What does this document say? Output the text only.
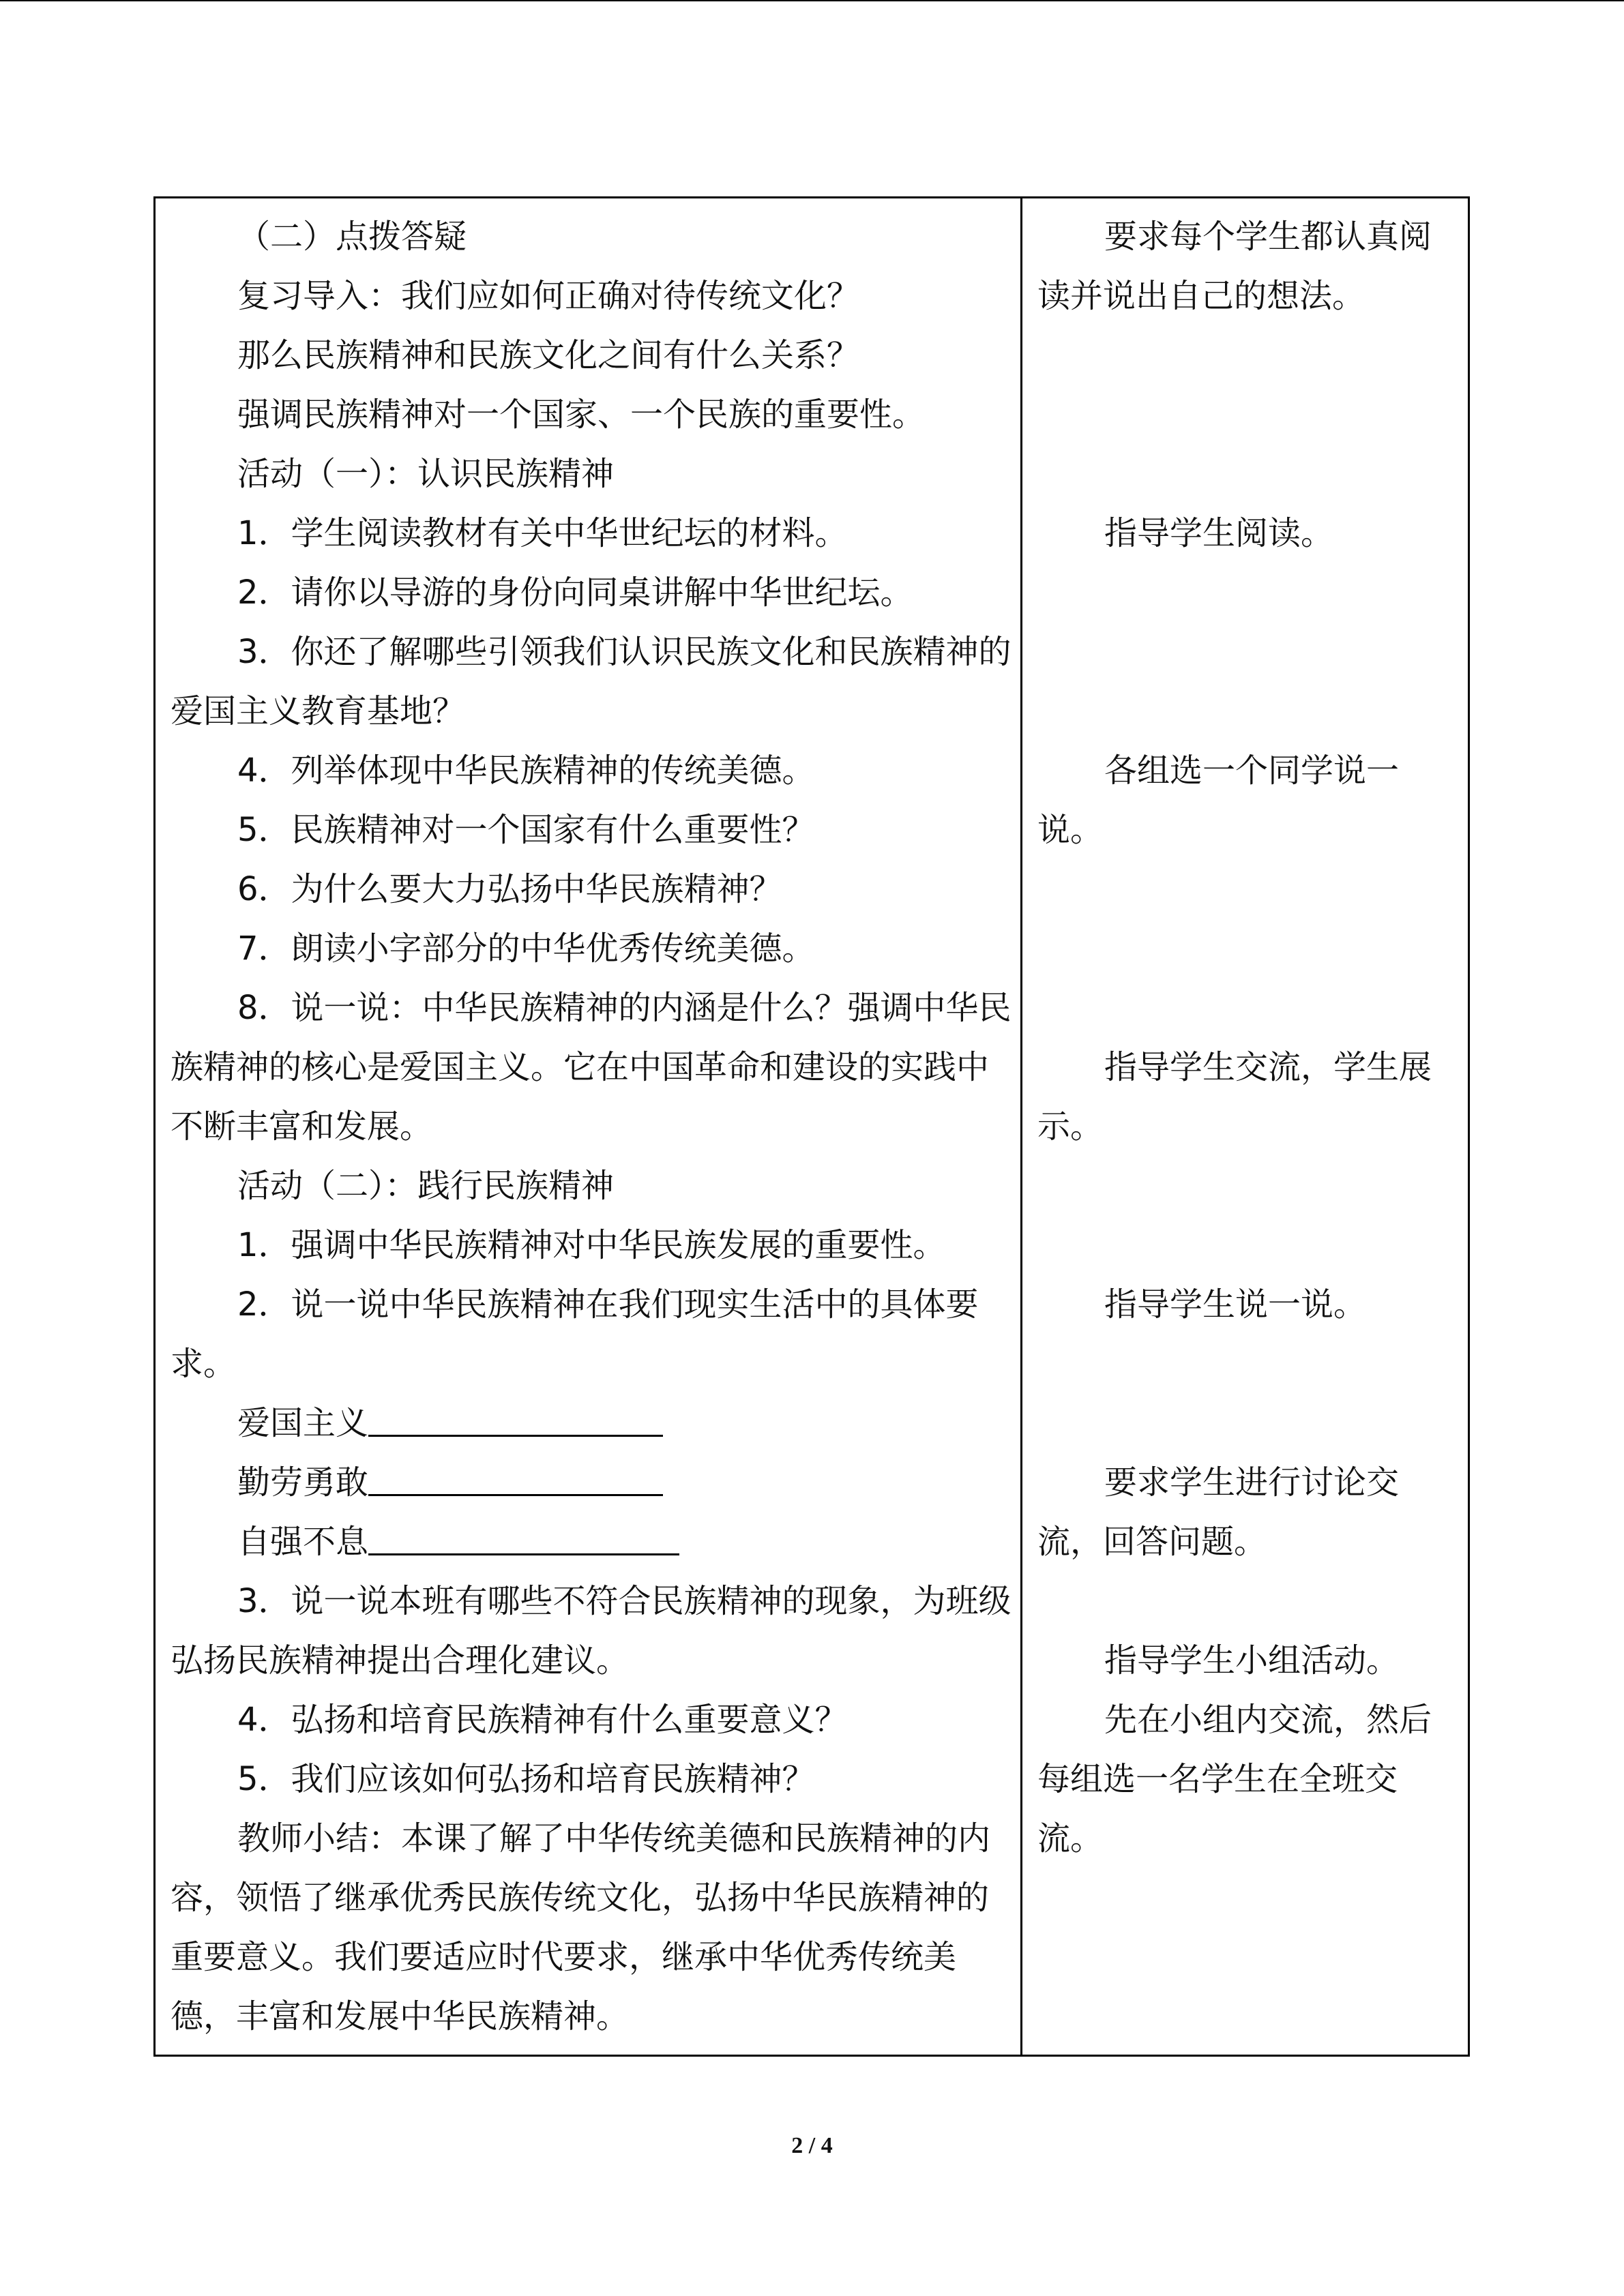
（二）点拨答疑
复习导入：我们应如何正确对待传统文化？
那么民族精神和民族文化之间有什么关系？
强调民族精神对一个国家、一个民族的重要性。
活动（一）：认识民族精神
1．学生阅读教材有关中华世纪坛的材料。
2．请你以导游的身份向同桌讲解中华世纪坛。
3．你还了解哪些引领我们认识民族文化和民族精神的
爱国主义教育基地？
4．列举体现中华民族精神的传统美德。
5．民族精神对一个国家有什么重要性？
6．为什么要大力弘扬中华民族精神？
7．朗读小字部分的中华优秀传统美德。
8．说一说：中华民族精神的内涵是什么？强调中华民
族精神的核心是爱国主义。它在中国革命和建设的实践中
不断丰富和发展。
活动（二）：践行民族精神
1．强调中华民族精神对中华民族发展的重要性。
2．说一说中华民族精神在我们现实生活中的具体要
求。
爱国主义
勤劳勇敢
自强不息
3．说一说本班有哪些不符合民族精神的现象，为班级
弘扬民族精神提出合理化建议。
4．弘扬和培育民族精神有什么重要意义？
5．我们应该如何弘扬和培育民族精神？
教师小结：本课了解了中华传统美德和民族精神的内
容，领悟了继承优秀民族传统文化，弘扬中华民族精神的
重要意义。我们要适应时代要求，继承中华优秀传统美
德，丰富和发展中华民族精神。
要求每个学生都认真阅
读并说出自己的想法。
指导学生阅读。
各组选一个同学说一
说。
指导学生交流，学生展
示。
指导学生说一说。
要求学生进行讨论交
流，回答问题。
指导学生小组活动。
先在小组内交流，然后
每组选一名学生在全班交
流。
2 / 4
